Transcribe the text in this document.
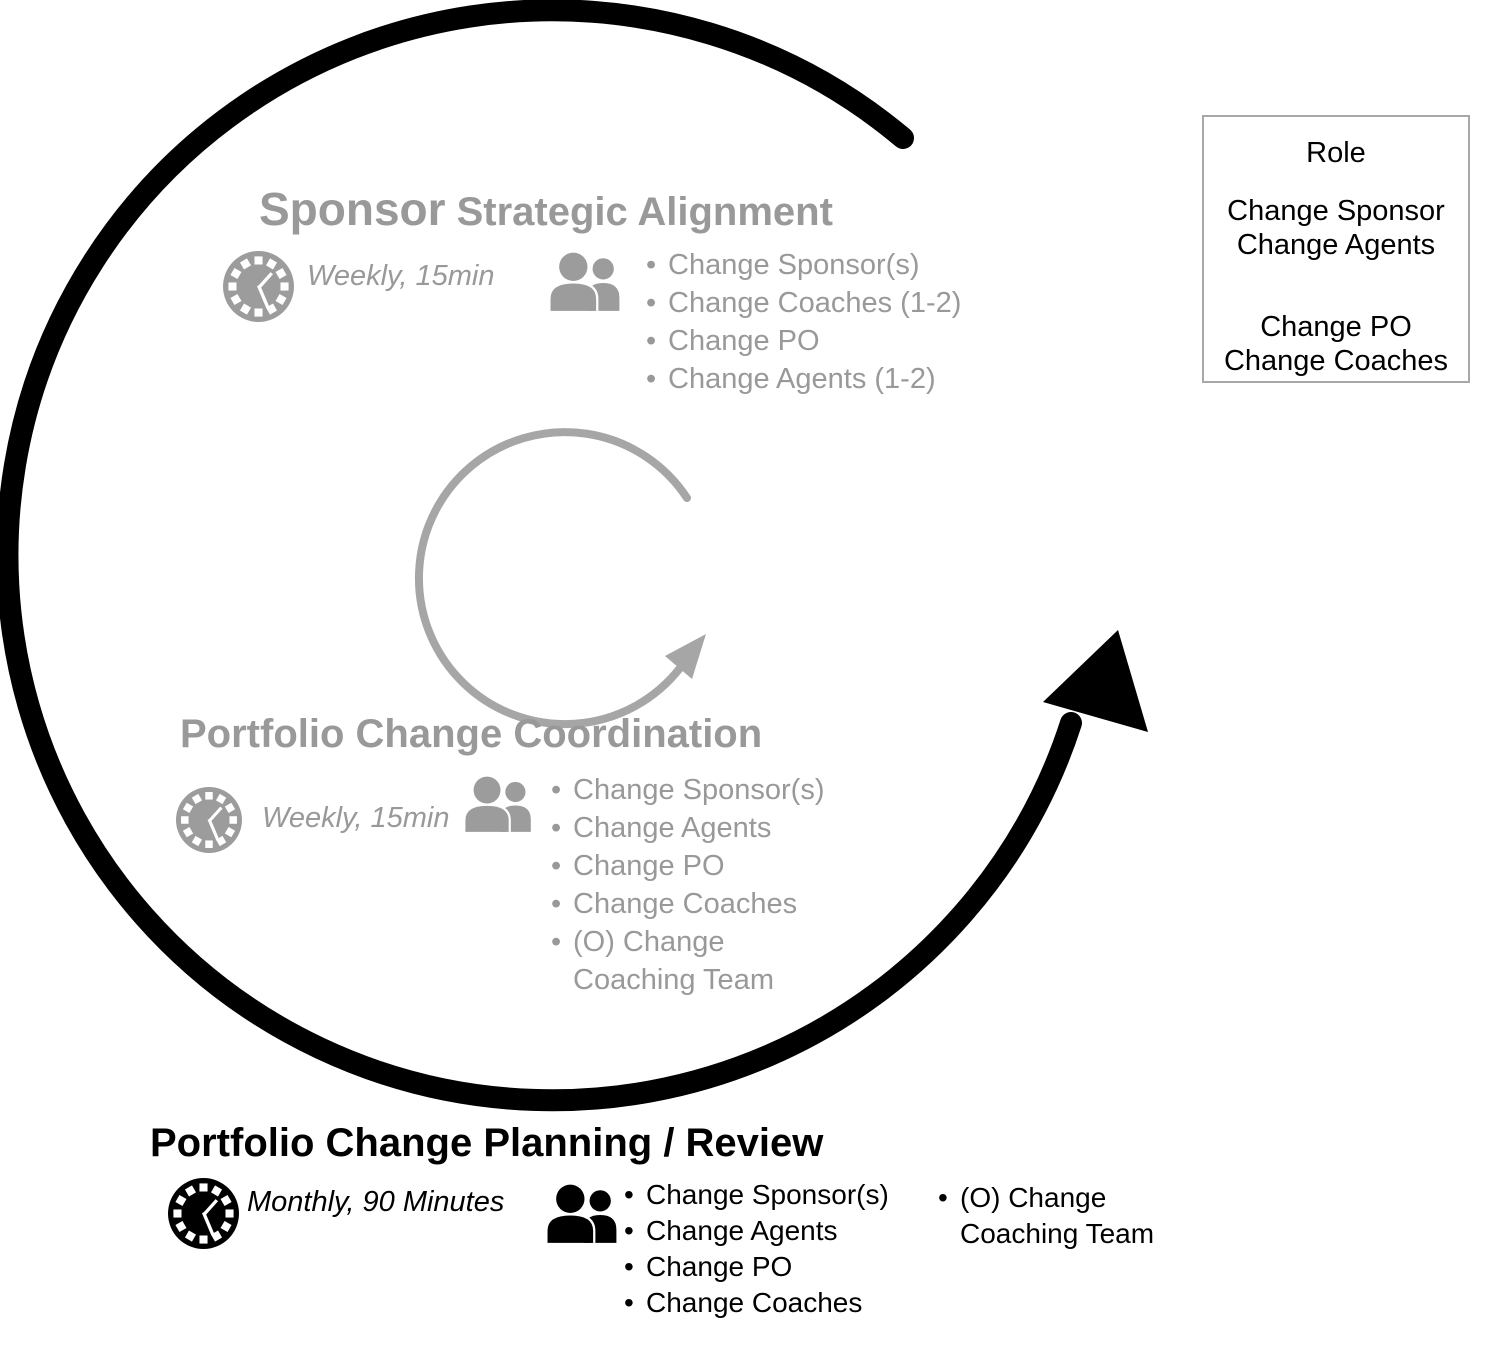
Sponsor Strategic Alignment
Weekly, 15min	• Change Sponsor(s)
• Change Coaches (1-2)
• Change PO
• Change Agents (1-2)
Portfolio Change Coordination
Weekly, 15min
• Change Sponsor(s)
• Change Agents
• Change PO
• Change Coaches
• (O) Change Coaching Team
Portfolio Change Planning / Review
Monthly, 90 Minutes	• Change Sponsor(s)
• Change Agents
• Change PO
• Change Coaches
• (O) Change Coaching Team
Role
Change Sponsor
Change Agents
Change PO
Change Coaches
